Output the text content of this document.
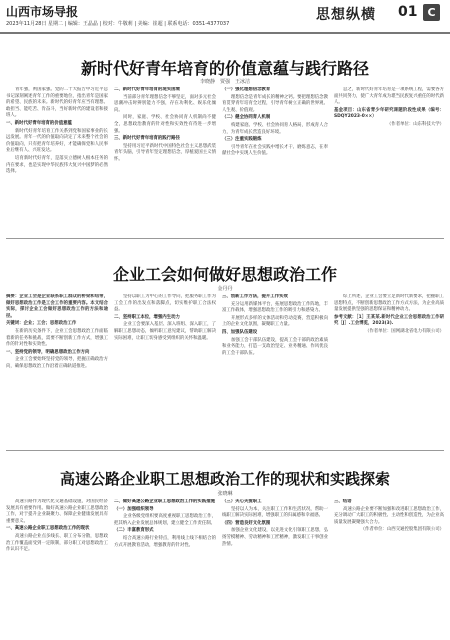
山西市场导报
2023年11月28日 星期二 | 编辑：王晶晶 | 校对：牛敬莉 | 美编：崔超 | 联系电话：0351-4377037
思想纵横 01 C
新时代好青年培育的价值意蕴与践行路径
李晓静　贾强　王冰洁

青年强，则国家强。党的二十大报告中习近平总书记深刻阐述青年工作的重要地位，指出青年是国家的希望、民族的未来。新时代的好青年应当有理想、敢担当、能吃苦、肯奋斗，当好新时代的建设者和接班人。

一、新时代好青年培育的价值意蕴

新时代好青年培育工作关系到党和国家事业的长远发展。青年一代的价值取向决定了未来整个社会的价值取向，只有把青年培养好，才能确保党和人民事业后继有人、兴旺发达。

培育新时代好青年，是落实立德树人根本任务的内在要求，也是实现中华民族伟大复兴中国梦的必然选择。

二、新时代好青年培育的现实困境

当前部分青年理想信念不够坚定，面对多元社会思潮冲击时辨别能力不强，存在功利化、娱乐化倾向。

同时，家庭、学校、社会协同育人机制尚不健全，思想政治教育的针对性和实效性有待进一步增强。

三、新时代好青年培育的践行路径

坚持用习近平新时代中国特色社会主义思想武装青年头脑，引导青年坚定理想信念，厚植爱国主义情怀。

（一）强化理想信念教育

理想信念是青年成长的精神之钙。要把理想信念教育贯穿青年培育全过程，引导青年树立正确的世界观、人生观、价值观。

（二）健全协同育人机制

构建家庭、学校、社会协同育人格局，形成育人合力，为青年成长营造良好环境。

（三）注重实践锻炼

引导青年在社会实践中增长才干、磨炼意志，在奉献社会中实现人生价值。

总之，新时代好青年培育是一项系统工程，需要各方面共同努力，使广大青年成为堪当民族复兴重任的时代新人。

基金项目：山东省青少年研究课题阶段性成果（编号：SDQY2023-0××）

（作者单位：山东科技大学）

企业工会如何做好思想政治工作
金丹丹

摘要：企业工会是企业联系职工群众的桥梁和纽带，做好思想政治工作是工会工作的重要内容。本文结合实际，探讨企业工会做好思想政治工作的方法和途径。

关键词：企业；工会；思想政治工作

在新的历史条件下，企业工会思想政治工作面临着新的任务和挑战，需要不断创新工作方式，增强工作的针对性和实效性。

一、坚持党的领导，明确思想政治工作方向

企业工会要始终坚持党的领导，把握正确政治方向，确保思想政治工作沿着正确轨道推进。

坚持以职工为中心的工作导向，把服务职工作为工会工作的出发点和落脚点，切实维护职工合法权益。

二、坚持职工本位，增强内生动力

企业工会要深入基层、深入班组、深入职工，了解职工思想动态，倾听职工意见建议，帮助职工解决实际困难，让职工切身感受到组织的关怀和温暖。

三、创新工作方法，提升工作实效

充分运用新媒体平台，拓展思想政治工作阵地，丰富工作载体，增强思想政治工作的吸引力和感染力。

开展形式多样的文体活动和劳动竞赛，营造积极向上的企业文化氛围，凝聚职工力量。

四、加强队伍建设

加强工会干部队伍建设，提高工会干部的政治素质和业务能力，打造一支政治坚定、业务精通、作风优良的工会干部队伍。

综上所述，企业工会要立足新时代新要求，把握职工思想特点，不断创新思想政治工作方式方法，为企业高质量发展提供坚强的思想保证和精神动力。

参考文献：［1］王某某.新时代企业工会思想政治工作研究［J］.工会博览，2023(3).

（作者单位：国网湖北省电力有限公司）

高速公路企业职工思想政治工作的现状和实践探索
张晓琳

高速公路作为现代化交通基础设施，对国民经济发展具有重要作用。做好高速公路企业职工思想政治工作，对于提升企业凝聚力、保障企业健康发展具有重要意义。

一、高速公路企业职工思想政治工作的现状

高速公路企业点多线长、职工分布分散，思想政治工作覆盖面受到一定限制，部分职工对思想政治工作认识不足。

二、做好高速公路企业职工思想政治工作的实践措施

（一）加强组织领导

企业各级党组织要高度重视职工思想政治工作，把其纳入企业发展总体规划，建立健全工作责任制。

（二）丰富教育形式

结合高速公路行业特点，利用线上线下相结合的方式开展教育活动，增强教育的针对性。

（三）关心关爱职工

坚持以人为本，关注职工工作和生活状况，帮助一线职工解决实际困难，增强职工的归属感和幸福感。

（四）营造良好文化氛围

加强企业文化建设，以先进文化引领职工思想，弘扬劳模精神、劳动精神和工匠精神，激发职工干事创业热情。

三、结语

高速公路企业要不断加强和改进职工思想政治工作，充分调动广大职工的积极性、主动性和创造性，为企业高质量发展凝聚强大合力。

（作者单位：山西交通控股集团有限公司）
